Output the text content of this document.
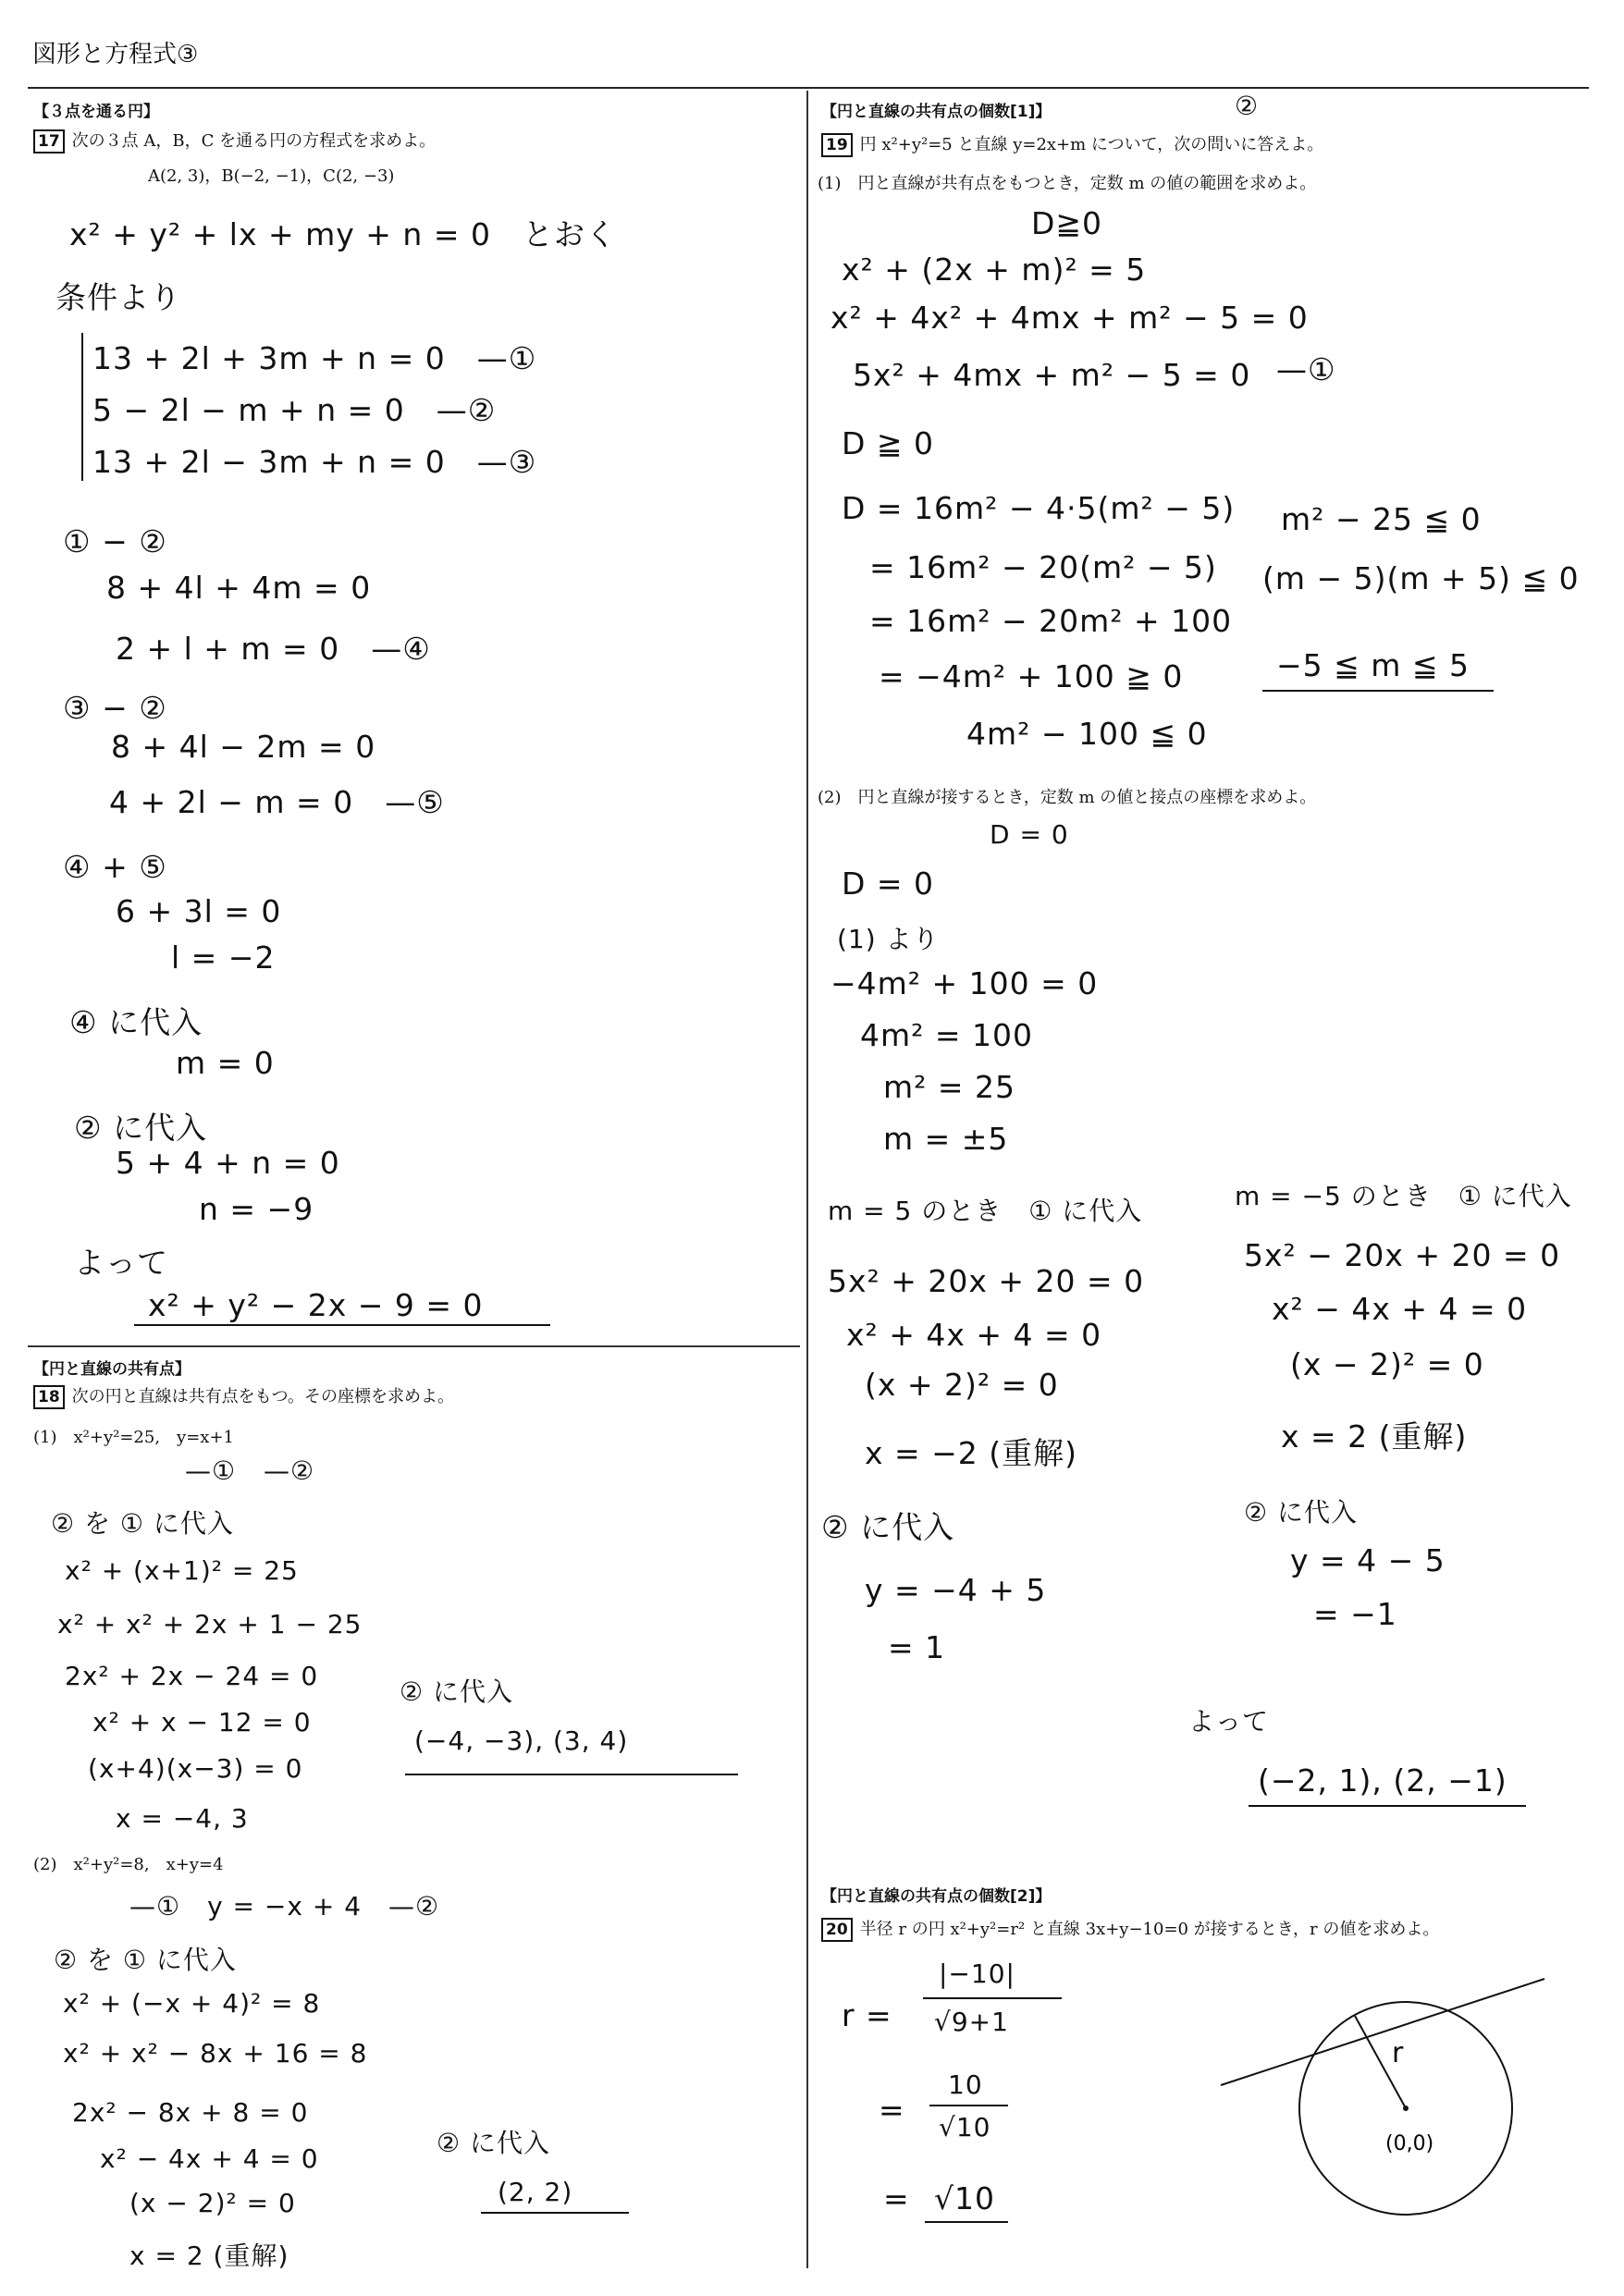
図形と方程式③
【３点を通る円】
17 次の３点 A，B，C を通る円の方程式を求めよ。
A(2, 3)，B(−2, −1)，C(2, −3)
x² + y² + lx + my + n = 0　とおく
条件より
13 + 2l + 3m + n = 0　—①
5 − 2l − m + n = 0　—②
13 + 2l − 3m + n = 0　—③
① − ②
8 + 4l + 4m = 0
2 + l + m = 0　—④
③ − ②
8 + 4l − 2m = 0
4 + 2l − m = 0　—⑤
④ + ⑤
6 + 3l = 0
l = −2
④ に代入
m = 0
② に代入
5 + 4 + n = 0
n = −9
よって
x² + y² − 2x − 9 = 0
【円と直線の共有点】
18 次の円と直線は共有点をもつ。その座標を求めよ。
(1)　x²+y²=25,　y=x+1
—① —②
② を ① に代入
x² + (x+1)² = 25
x² + x² + 2x + 1 − 25
2x² + 2x − 24 = 0
x² + x − 12 = 0
(x+4)(x−3) = 0
x = −4, 3
② に代入
(−4, −3), (3, 4)
(2)　x²+y²=8,　x+y=4
—①　y = −x + 4　—②
② を ① に代入
x² + (−x + 4)² = 8
x² + x² − 8x + 16 = 8
2x² − 8x + 8 = 0
x² − 4x + 4 = 0
(x − 2)² = 0
x = 2 (重解)
② に代入
(2, 2)
【円と直線の共有点の個数[1]】	②
19 円 x²+y²=5 と直線 y=2x+m について，次の問いに答えよ。
(1)　円と直線が共有点をもつとき，定数 m の値の範囲を求めよ。
D≧0
x² + (2x + m)² = 5
x² + 4x² + 4mx + m² − 5 = 0
5x² + 4mx + m² − 5 = 0 —①
D ≧ 0
D = 16m² − 4·5(m² − 5)
= 16m² − 20(m² − 5)
= 16m² − 20m² + 100
= −4m² + 100 ≧ 0
4m² − 100 ≦ 0
m² − 25 ≦ 0
(m − 5)(m + 5) ≦ 0
−5 ≦ m ≦ 5
(2)　円と直線が接するとき，定数 m の値と接点の座標を求めよ。
D = 0
D = 0
(1) より
−4m² + 100 = 0
4m² = 100
m² = 25
m = ±5
m = 5 のとき　① に代入
5x² + 20x + 20 = 0
x² + 4x + 4 = 0
(x + 2)² = 0
x = −2 (重解)
② に代入
y = −4 + 5
= 1
m = −5 のとき　① に代入
5x² − 20x + 20 = 0
x² − 4x + 4 = 0
(x − 2)² = 0
x = 2 (重解)
② に代入
y = 4 − 5
= −1
よって
(−2, 1), (2, −1)
【円と直線の共有点の個数[2]】
20 半径 r の円 x²+y²=r² と直線 3x+y−10=0 が接するとき，r の値を求めよ。
r =
|−10|
√9+1
=
10
√10
= √10
r
(0,0)
